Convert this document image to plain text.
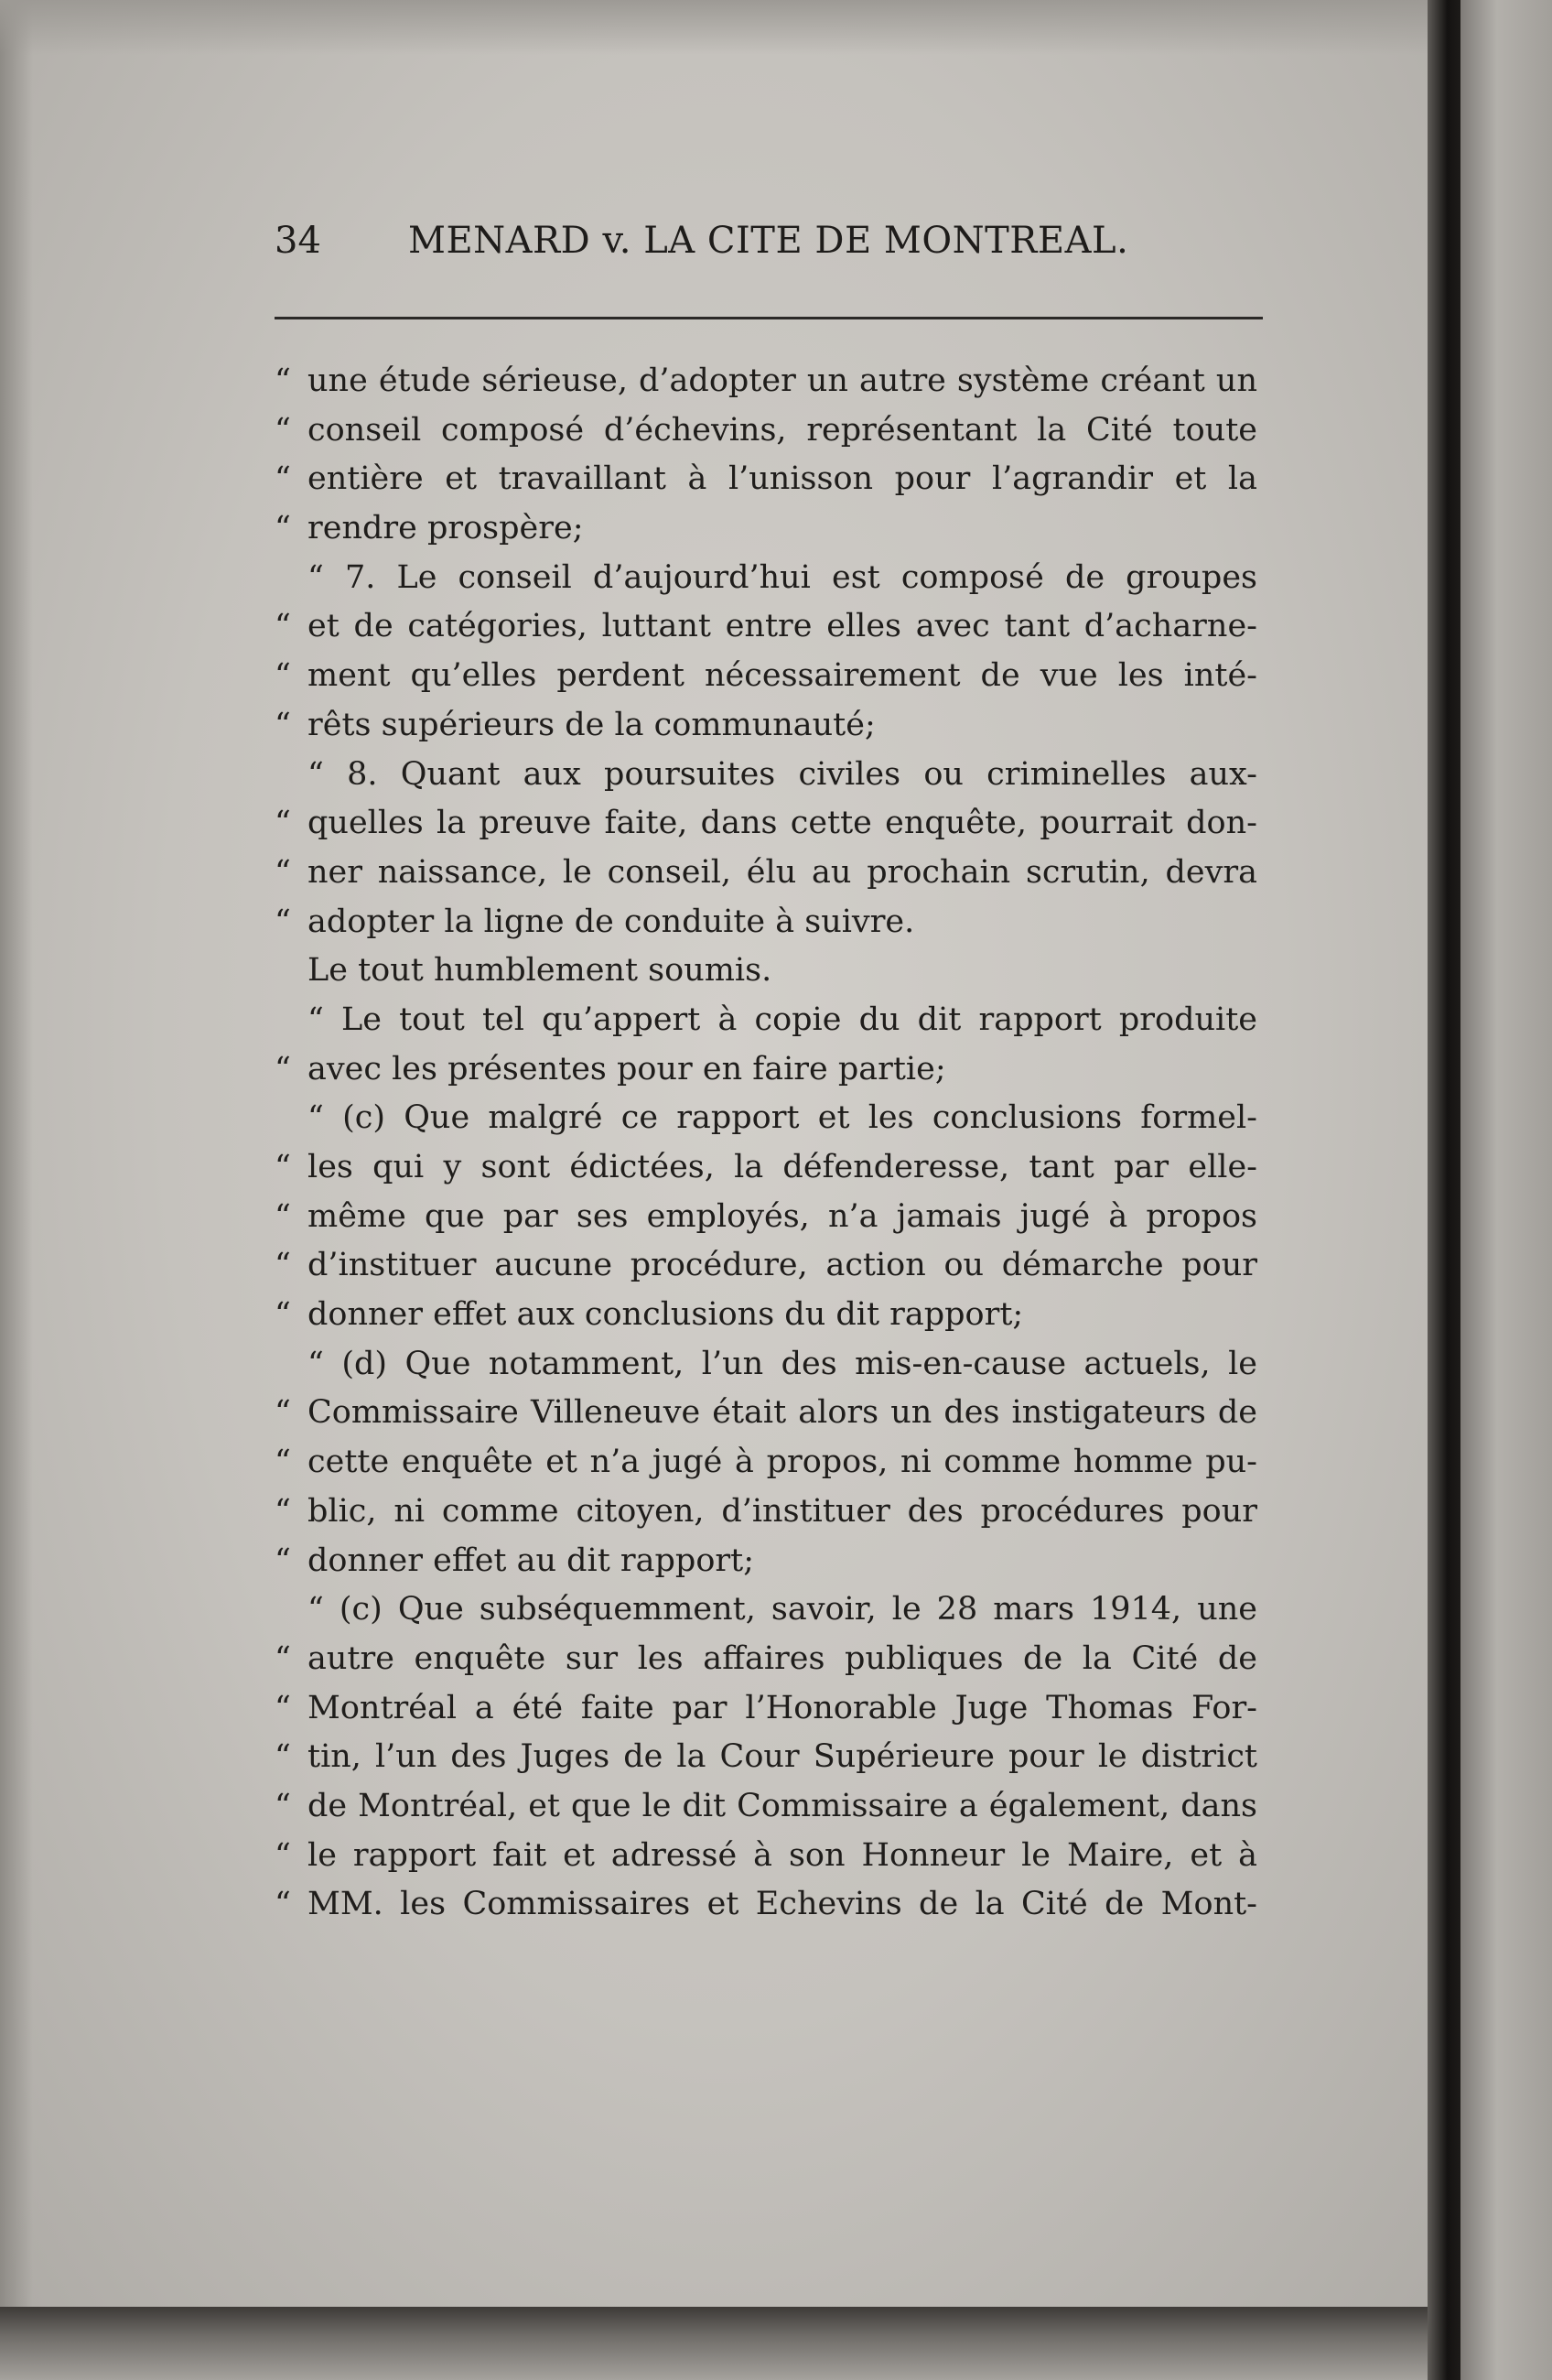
34 MENARD v. LA CITE DE MONTREAL.
“ une étude sérieuse, d’adopter un autre système créant un
“ conseil composé d’échevins, représentant la Cité toute
“ entière et travaillant à l’unisson pour l’agrandir et la
“ rendre prospère;
“ 7. Le conseil d’aujourd’hui est composé de groupes
“ et de catégories, luttant entre elles avec tant d’acharne-
“ ment qu’elles perdent nécessairement de vue les inté-
“ rêts supérieurs de la communauté;
“ 8. Quant aux poursuites civiles ou criminelles aux-
“ quelles la preuve faite, dans cette enquête, pourrait don-
“ ner naissance, le conseil, élu au prochain scrutin, devra
“ adopter la ligne de conduite à suivre.
Le tout humblement soumis.
“ Le tout tel qu’appert à copie du dit rapport produite
“ avec les présentes pour en faire partie;
“ (c) Que malgré ce rapport et les conclusions formel-
“ les qui y sont édictées, la défenderesse, tant par elle-
“ même que par ses employés, n’a jamais jugé à propos
“ d’instituer aucune procédure, action ou démarche pour
“ donner effet aux conclusions du dit rapport;
“ (d) Que notamment, l’un des mis-en-cause actuels, le
“ Commissaire Villeneuve était alors un des instigateurs de
“ cette enquête et n’a jugé à propos, ni comme homme pu-
“ blic, ni comme citoyen, d’instituer des procédures pour
“ donner effet au dit rapport;
“ (c) Que subséquemment, savoir, le 28 mars 1914, une
“ autre enquête sur les affaires publiques de la Cité de
“ Montréal a été faite par l’Honorable Juge Thomas For-
“ tin, l’un des Juges de la Cour Supérieure pour le district
“ de Montréal, et que le dit Commissaire a également, dans
“ le rapport fait et adressé à son Honneur le Maire, et à
“ MM. les Commissaires et Echevins de la Cité de Mont-
